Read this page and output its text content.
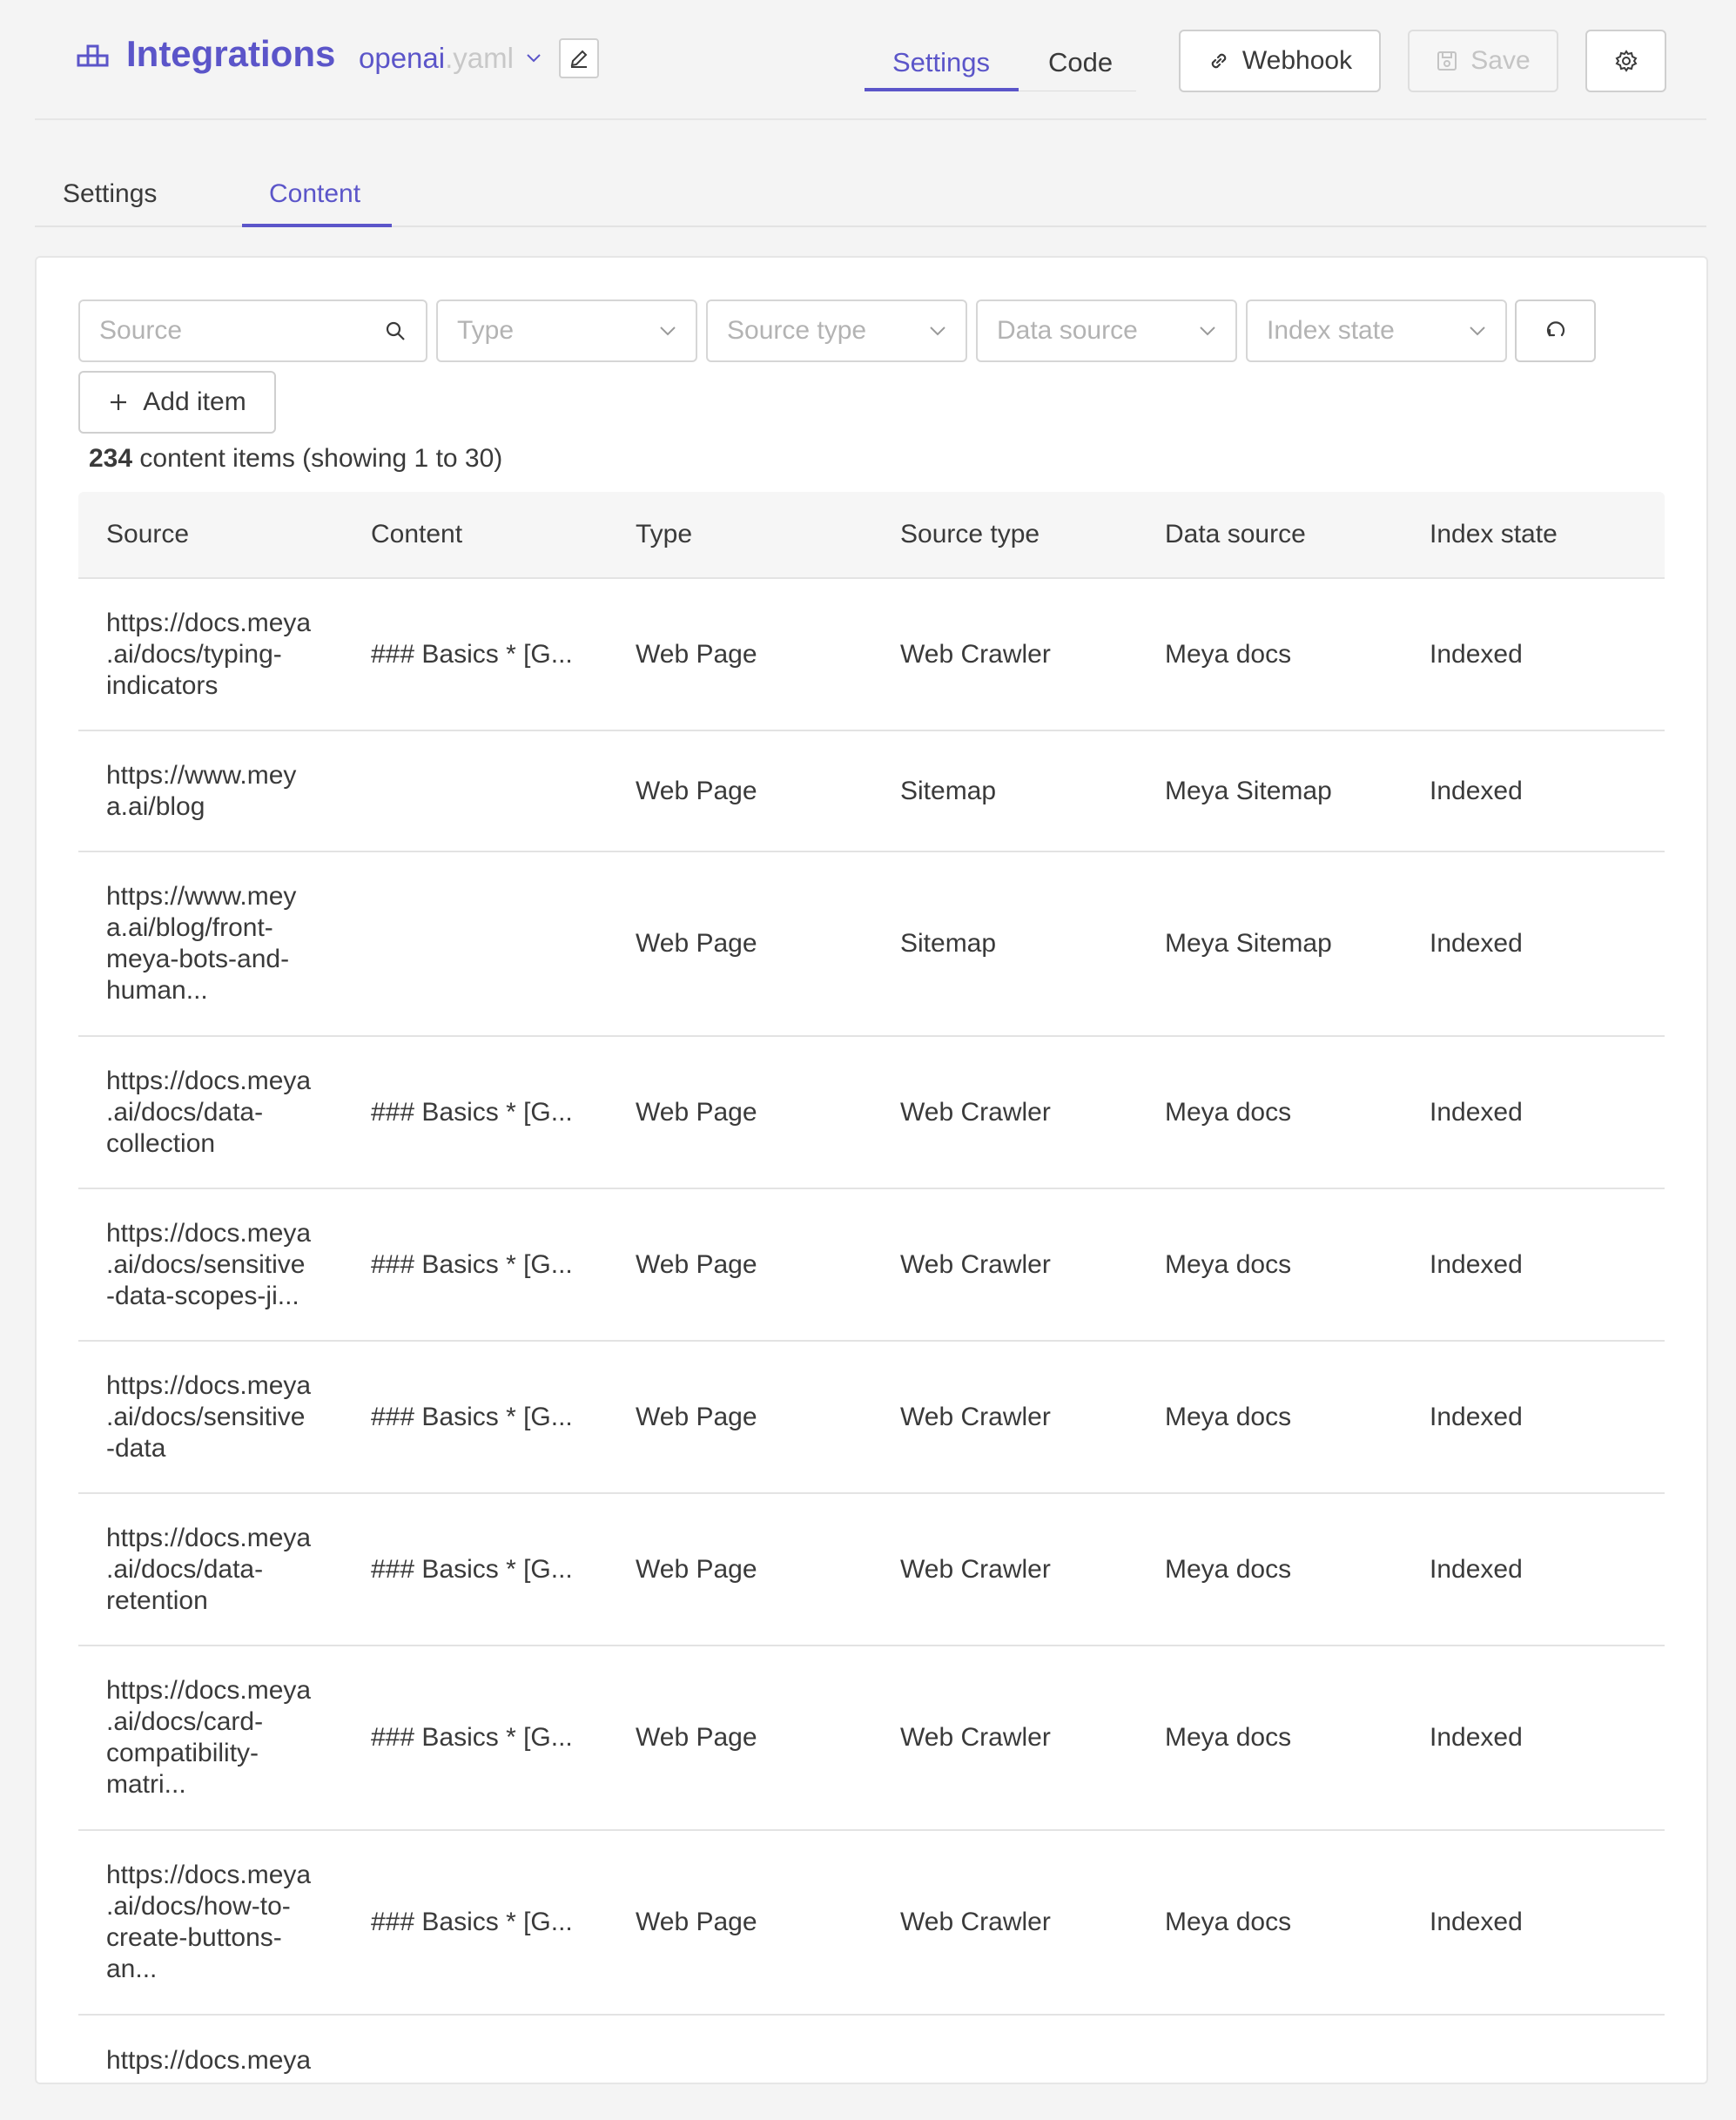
Integrations openai.yaml	Settings Code	Webhook	Save
Settings	Content
Source	Type	Source type	Data source	Index state
Add item
234 content items (showing 1 to 30)
Source	Content	Type	Source type	Data source	Index state
https://docs.meya
.ai/docs/typing-
indicators
### Basics * [G...	Web Page	Web Crawler	Meya docs	Indexed
https://www.mey
a.ai/blog
Web Page	Sitemap	Meya Sitemap	Indexed
https://www.mey
a.ai/blog/front-
meya-bots-and-
human...
Web Page	Sitemap	Meya Sitemap	Indexed
https://docs.meya
.ai/docs/data-
collection
### Basics * [G...	Web Page	Web Crawler	Meya docs	Indexed
https://docs.meya
.ai/docs/sensitive
-data-scopes-ji...
### Basics * [G...	Web Page	Web Crawler	Meya docs	Indexed
https://docs.meya
.ai/docs/sensitive
-data
### Basics * [G...	Web Page	Web Crawler	Meya docs	Indexed
https://docs.meya
.ai/docs/data-
retention
### Basics * [G...	Web Page	Web Crawler	Meya docs	Indexed
https://docs.meya
.ai/docs/card-
compatibility-
matri...
### Basics * [G...	Web Page	Web Crawler	Meya docs	Indexed
https://docs.meya
.ai/docs/how-to-
create-buttons-
an...
### Basics * [G...	Web Page	Web Crawler	Meya docs	Indexed
https://docs.meya
